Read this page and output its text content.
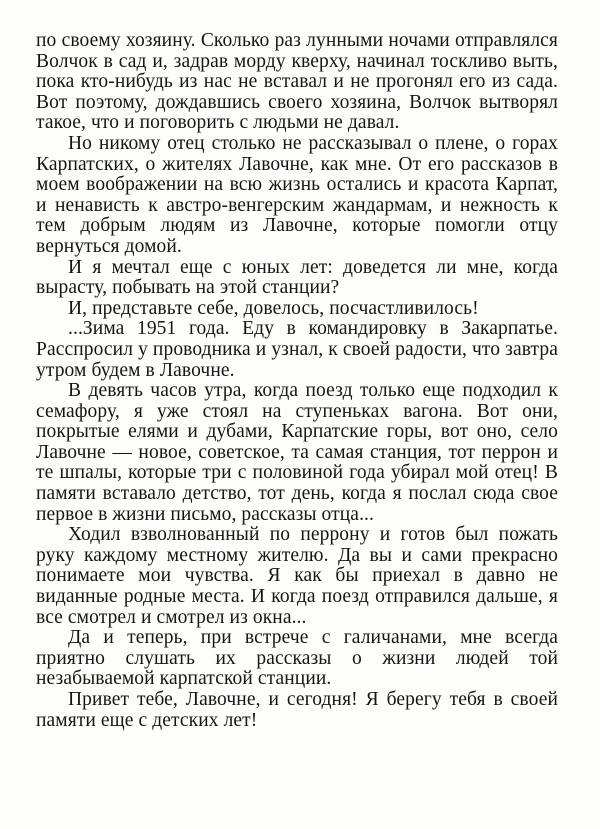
по своему хозяину. Сколько раз лунными ночами отправлялся Волчок в сад и, задрав морду кверху, начинал тоскливо выть, пока кто-нибудь из нас не вставал и не прогонял его из сада. Вот поэтому, дождавшись своего хозяина, Волчок вытворял такое, что и поговорить с людьми не давал.

Но никому отец столько не рассказывал о плене, о горах Карпатских, о жителях Лавочне, как мне. От его рассказов в моем воображении на всю жизнь остались и красота Карпат, и ненависть к австро-венгерским жандармам, и нежность к тем добрым людям из Лавочне, которые помогли отцу вернуться домой.

И я мечтал еще с юных лет: доведется ли мне, когда вырасту, побывать на этой станции?

И, представьте себе, довелось, посчастливилось!

...Зима 1951 года. Еду в командировку в Закарпатье. Расспросил у проводника и узнал, к своей радости, что завтра утром будем в Лавочне.

В девять часов утра, когда поезд только еще подходил к семафору, я уже стоял на ступеньках вагона. Вот они, покрытые елями и дубами, Карпатские горы, вот оно, село Лавочне — новое, советское, та самая станция, тот перрон и те шпалы, которые три с половиной года убирал мой отец! В памяти вставало детство, тот день, когда я послал сюда свое первое в жизни письмо, рассказы отца...

Ходил взволнованный по перрону и готов был пожать руку каждому местному жителю. Да вы и сами прекрасно понимаете мои чувства. Я как бы приехал в давно не виданные родные места. И когда поезд отправился дальше, я все смотрел и смотрел из окна...

Да и теперь, при встрече с галичанами, мне всегда приятно слушать их рассказы о жизни людей той незабываемой карпатской станции.

Привет тебе, Лавочне, и сегодня! Я берегу тебя в своей памяти еще с детских лет!
